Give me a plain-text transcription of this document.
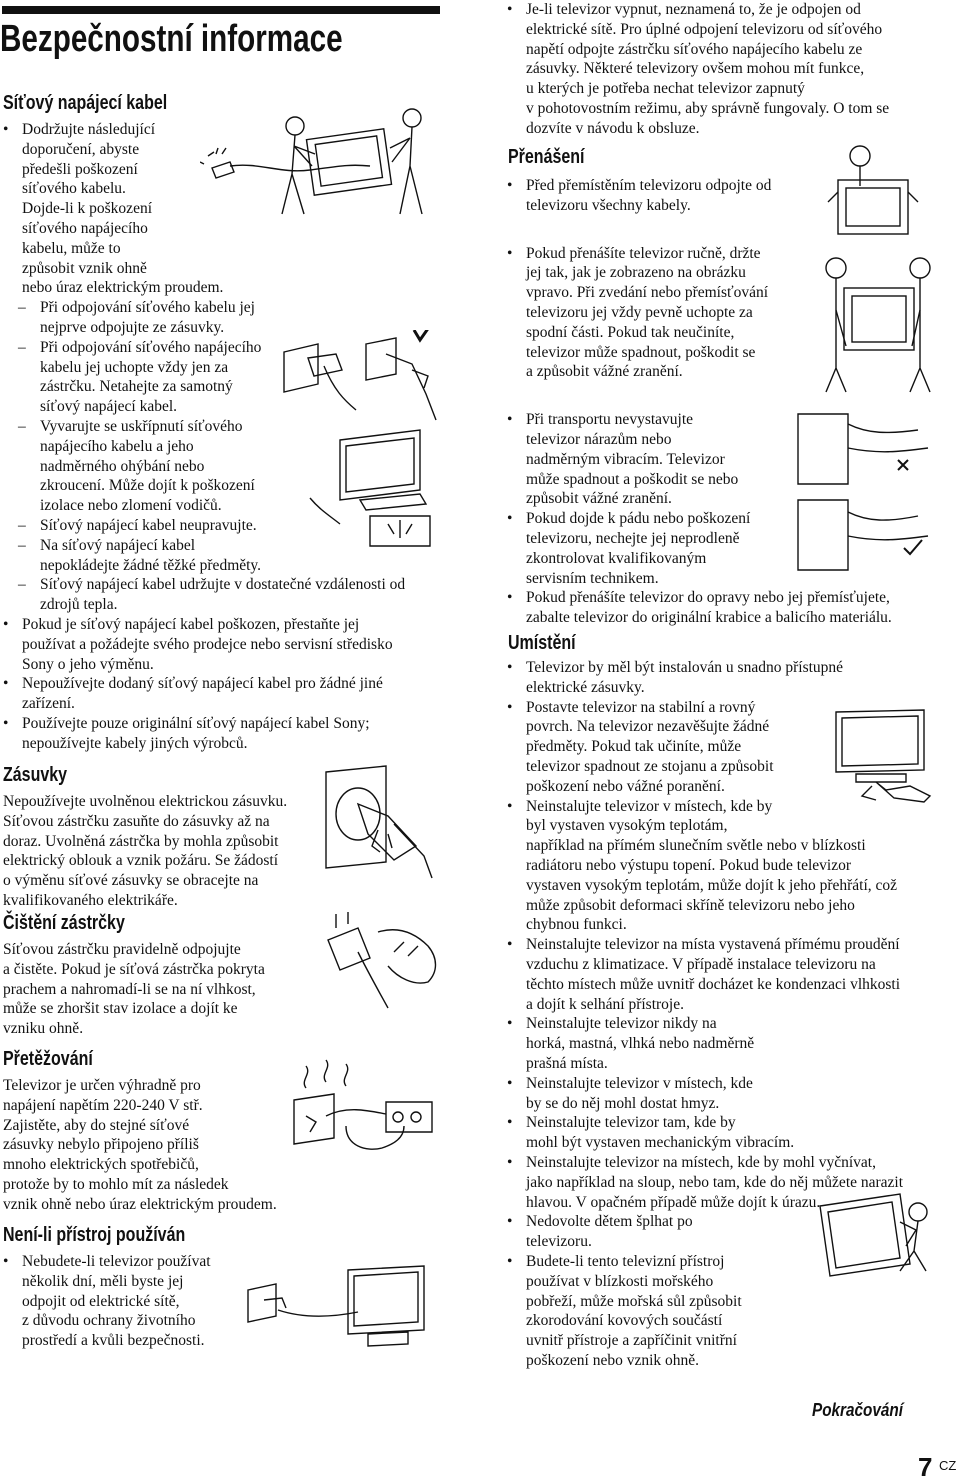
Bezpečnostní informace
Síťový napájecí kabel
• Dodržujte následující
doporučení, abyste
předešli poškození
síťového kabelu.
Dojde-li k poškození
síťového napájecího
kabelu, může to
způsobit vznik ohně
nebo úraz elektrickým proudem.

– Při odpojování síťového kabelu jej
nejprve odpojujte ze zásuvky.

– Při odpojování síťového napájecího
kabelu jej uchopte vždy jen za
zástrčku. Netahejte za samotný
síťový napájecí kabel.

– Vyvarujte se uskřípnutí síťového
napájecího kabelu a jeho
nadměrného ohýbání nebo
zkroucení. Může dojít k poškození
izolace nebo zlomení vodičů.

– Síťový napájecí kabel neupravujte.

– Na síťový napájecí kabel
nepokládejte žádné těžké předměty.

– Síťový napájecí kabel udržujte v dostatečné vzdálenosti od
zdrojů tepla.

• Pokud je síťový napájecí kabel poškozen, přestaňte jej
používat a požádejte svého prodejce nebo servisní středisko
Sony o jeho výměnu.

• Nepoužívejte dodaný síťový napájecí kabel pro žádné jiné
zařízení.

• Používejte pouze originální síťový napájecí kabel Sony;
nepoužívejte kabely jiných výrobců.

Zásuvky

Nepoužívejte uvolněnou elektrickou zásuvku.
Síťovou zástrčku zasuňte do zásuvky až na
doraz. Uvolněná zástrčka by mohla způsobit
elektrický oblouk a vznik požáru. Se žádostí
o výměnu síťové zásuvky se obracejte na
kvalifikovaného elektrikáře.

Čištění zástrčky

Síťovou zástrčku pravidelně odpojujte
a čistěte. Pokud je síťová zástrčka pokryta
prachem a nahromadí-li se na ní vlhkost,
může se zhoršit stav izolace a dojít ke
vzniku ohně.

Přetěžování

Televizor je určen výhradně pro
napájení napětím 220-240 V stř.
Zajistěte, aby do stejné síťové
zásuvky nebylo připojeno příliš
mnoho elektrických spotřebičů,
protože by to mohlo mít za následek
vznik ohně nebo úraz elektrickým proudem.

Není-li přístroj používán

• Nebudete-li televizor používat
několik dní, měli byste jej
odpojit od elektrické sítě,
z důvodu ochrany životního
prostředí a kvůli bezpečnosti.

• Je-li televizor vypnut, neznamená to, že je odpojen od
elektrické sítě. Pro úplné odpojení televizoru od síťového
napětí odpojte zástrčku síťového napájecího kabelu ze
zásuvky. Některé televizory ovšem mohou mít funkce,
u kterých je potřeba nechat televizor zapnutý
v pohotovostním režimu, aby správně fungovaly. O tom se
dozvíte v návodu k obsluze.

Přenášení

• Před přemístěním televizoru odpojte od
televizoru všechny kabely.

• Pokud přenášíte televizor ručně, držte
jej tak, jak je zobrazeno na obrázku
vpravo. Při zvedání nebo přemísťování
televizoru jej vždy pevně uchopte za
spodní části. Pokud tak neučiníte,
televizor může spadnout, poškodit se
a způsobit vážné zranění.

• Při transportu nevystavujte
televizor nárazům nebo
nadměrným vibracím. Televizor
může spadnout a poškodit se nebo
způsobit vážné zranění.

• Pokud dojde k pádu nebo poškození
televizoru, nechejte jej neprodleně
zkontrolovat kvalifikovaným
servisním technikem.

• Pokud přenášíte televizor do opravy nebo jej přemísťujete,
zabalte televizor do originální krabice a balicího materiálu.

Umístění

• Televizor by měl být instalován u snadno přístupné
elektrické zásuvky.

• Postavte televizor na stabilní a rovný
povrch. Na televizor nezavěšujte žádné
předměty. Pokud tak učiníte, může
televizor spadnout ze stojanu a způsobit
poškození nebo vážné poranění.

• Neinstalujte televizor v místech, kde by
byl vystaven vysokým teplotám,
například na přímém slunečním světle nebo v blízkosti
radiátoru nebo výstupu topení. Pokud bude televizor
vystaven vysokým teplotám, může dojít k jeho přehřátí, což
může způsobit deformaci skříně televizoru nebo jeho
chybnou funkci.

• Neinstalujte televizor na místa vystavená přímému proudění
vzduchu z klimatizace. V případě instalace televizoru na
těchto místech může uvnitř docházet ke kondenzaci vlhkosti
a dojít k selhání přístroje.

• Neinstalujte televizor nikdy na
horká, mastná, vlhká nebo nadměrně
prašná místa.

• Neinstalujte televizor v místech, kde
by se do něj mohl dostat hmyz.

• Neinstalujte televizor tam, kde by
mohl být vystaven mechanickým vibracím.

• Neinstalujte televizor na místech, kde by mohl vyčnívat,
jako například na sloup, nebo tam, kde do něj můžete narazit
hlavou. V opačném případě může dojít k úrazu.

• Nedovolte dětem šplhat po
televizoru.

• Budete-li tento televizní přístroj
používat v blízkosti mořského
pobřeží, může mořská sůl způsobit
zkorodování kovových součástí
uvnitř přístroje a zapříčinit vnitřní
poškození nebo vznik ohně.

Pokračování
7 CZ
